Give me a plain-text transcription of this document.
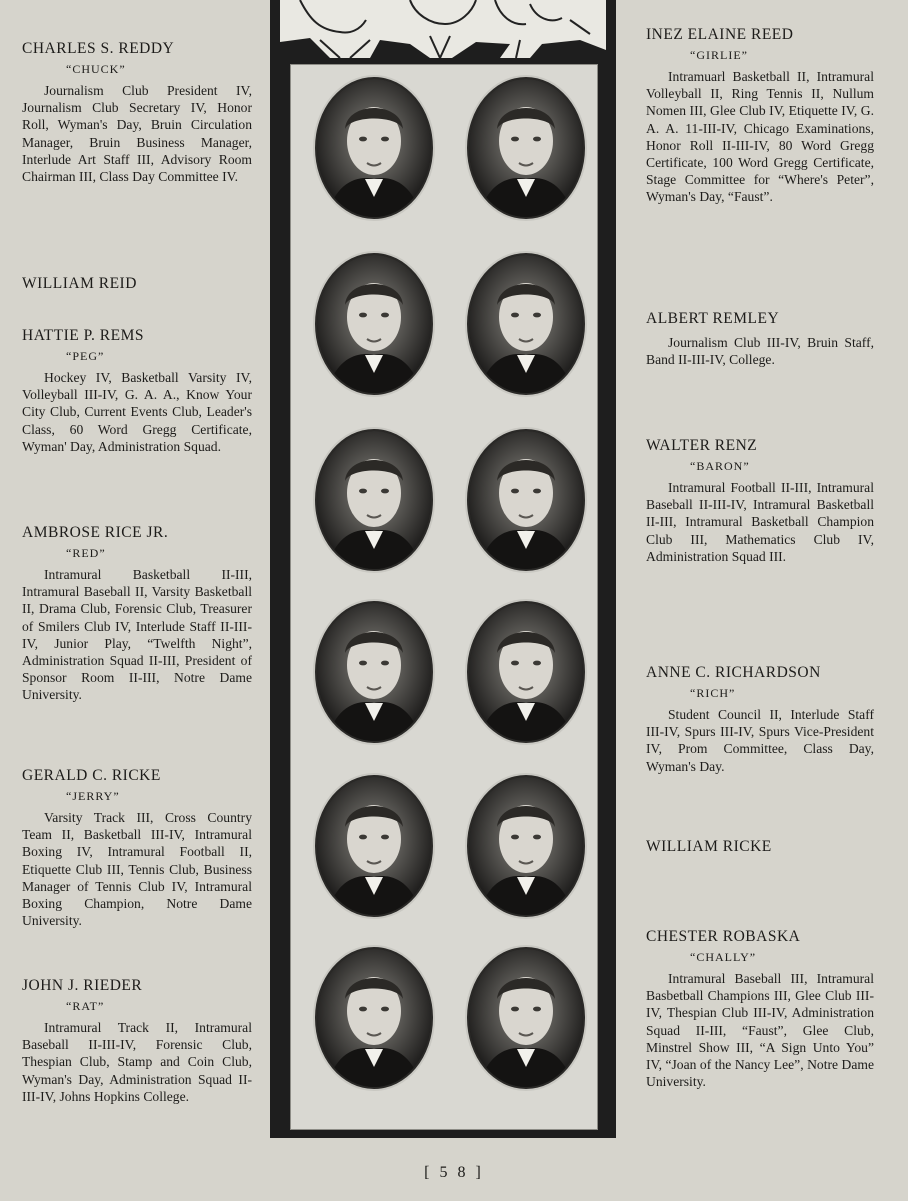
CHARLES S. REDDY

“CHUCK”

Journalism Club President IV, Journalism Club Secretary IV, Honor Roll, Wyman's Day, Bruin Circulation Manager, Bruin Business Manager, Interlude Art Staff III, Advisory Room Chairman III, Class Day Committee IV.

WILLIAM REID

HATTIE P. REMS

“PEG”

Hockey IV, Basketball Varsity IV, Volleyball III-IV, G. A. A., Know Your City Club, Current Events Club, Leader's Class, 60 Word Gregg Certificate, Wyman' Day, Administration Squad.

AMBROSE RICE JR.

“RED”

Intramural Basketball II-III, Intramural Baseball II, Varsity Basketball II, Drama Club, Forensic Club, Treasurer of Smilers Club IV, Interlude Staff II-III-IV, Junior Play, “Twelfth Night”, Administration Squad II-III, President of Sponsor Room II-III, Notre Dame University.

GERALD C. RICKE

“JERRY”

Varsity Track III, Cross Country Team II, Basketball III-IV, Intramural Boxing IV, Intramural Football II, Etiquette Club III, Tennis Club, Business Manager of Tennis Club IV, Intramural Boxing Champion, Notre Dame University.

JOHN J. RIEDER

“RAT”

Intramural Track II, Intramural Baseball II-III-IV, Forensic Club, Thespian Club, Stamp and Coin Club, Wyman's Day, Administration Squad II-III-IV, Johns Hopkins College.

INEZ ELAINE REED

“GIRLIE”

Intramuarl Basketball II, Intramural Volleyball II, Ring Tennis II, Nullum Nomen III, Glee Club IV, Etiquette IV, G. A. A. 11-III-IV, Chicago Examinations, Honor Roll II-III-IV, 80 Word Gregg Certificate, 100 Word Gregg Certificate, Stage Committee for “Where's Peter”, Wyman's Day, “Faust”.

ALBERT REMLEY

Journalism Club III-IV, Bruin Staff, Band II-III-IV, College.

WALTER RENZ

“BARON”

Intramural Football II-III, Intramural Baseball II-III-IV, Intramural Basketball II-III, Intramural Basketball Champion Club III, Mathematics Club IV, Administration Squad III.

ANNE C. RICHARDSON

“RICH”

Student Council II, Interlude Staff III-IV, Spurs III-IV, Spurs Vice-President IV, Prom Committee, Class Day, Wyman's Day.

WILLIAM RICKE

CHESTER ROBASKA

“CHALLY”

Intramural Baseball III, Intramural Basbetball Champions III, Glee Club III-IV, Thespian Club III-IV, Administration Squad II-III, “Faust”, Glee Club, Minstrel Show III, “A Sign Unto You” IV, “Joan of the Nancy Lee”, Notre Dame University.

[ 5 8 ]
